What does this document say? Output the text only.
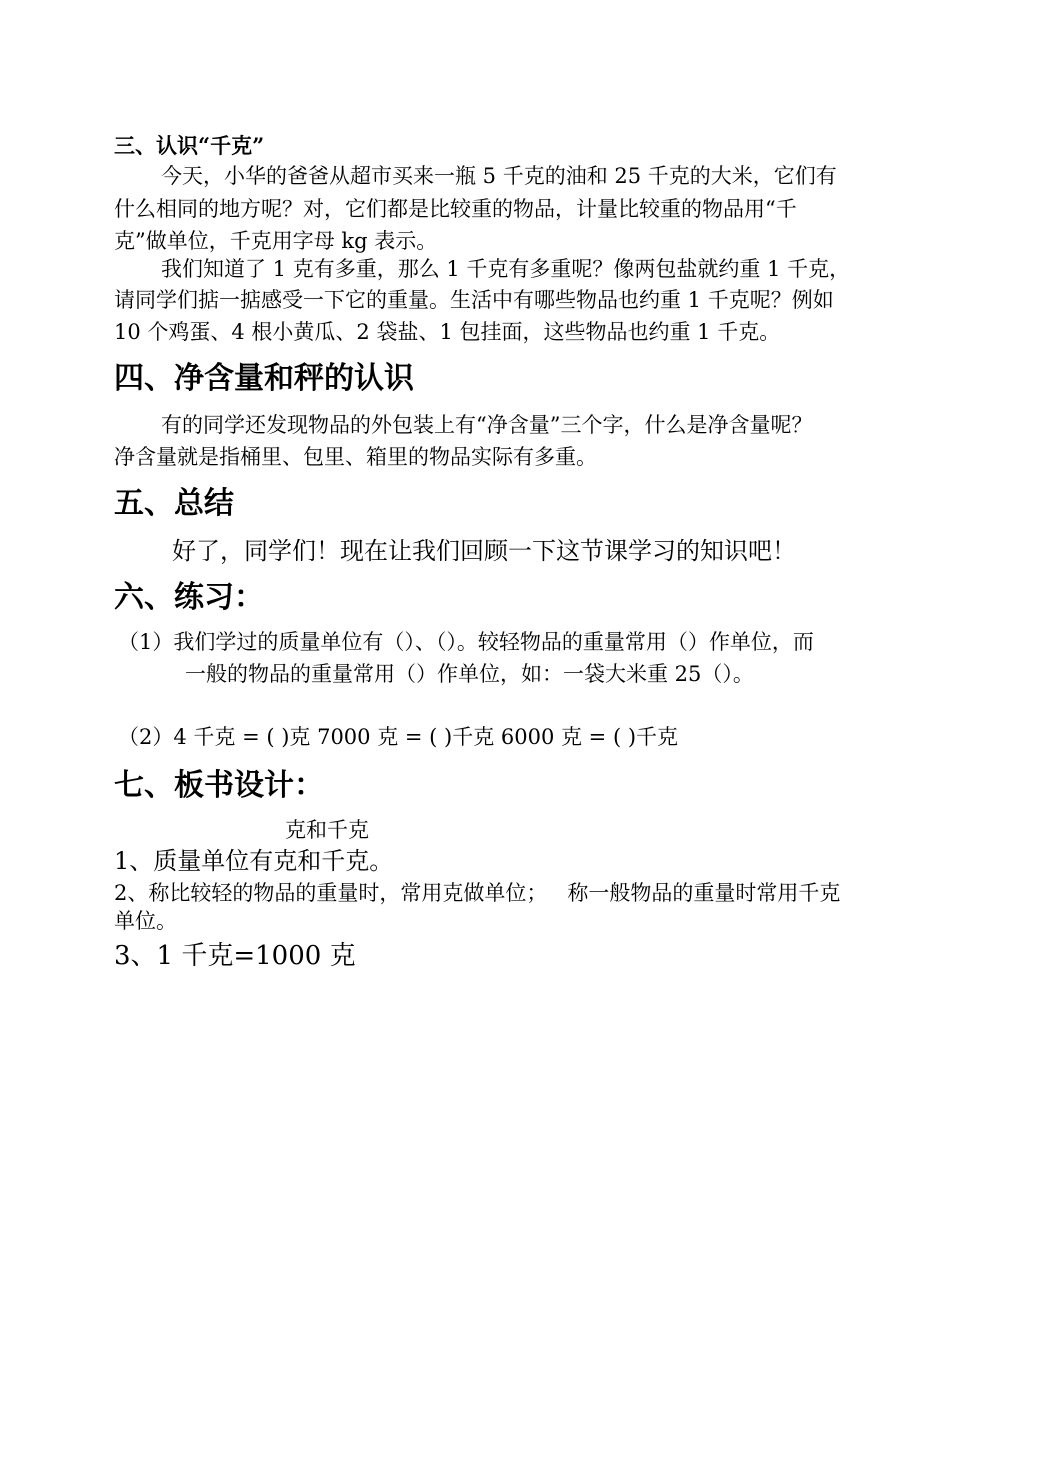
三、认识“千克”
今天，小华的爸爸从超市买来一瓶 5 千克的油和 25 千克的大米，它们有
什么相同的地方呢？对，它们都是比较重的物品，计量比较重的物品用“千
克”做单位，千克用字母 kg 表示。
我们知道了 1 克有多重，那么 1 千克有多重呢？像两包盐就约重 1 千克，
请同学们掂一掂感受一下它的重量。生活中有哪些物品也约重 1 千克呢？例如
10 个鸡蛋、4 根小黄瓜、2 袋盐、1 包挂面，这些物品也约重 1 千克。
四、净含量和秤的认识
有的同学还发现物品的外包装上有“净含量”三个字，什么是净含量呢？
净含量就是指桶里、包里、箱里的物品实际有多重。
五、总结
好了，同学们！现在让我们回顾一下这节课学习的知识吧！
六、练习：
（1）我们学过的质量单位有（）、（）。较轻物品的重量常用（）作单位，而
一般的物品的重量常用（）作单位，如：一袋大米重 25（）。
（2）4 千克 = ( )克 7000 克 = ( )千克 6000 克 = ( )千克
七、板书设计：
克和千克
1、质量单位有克和千克。
2、称比较轻的物品的重量时，常用克做单位；   称一般物品的重量时常用千克
单位。
3、1 千克=1000 克
